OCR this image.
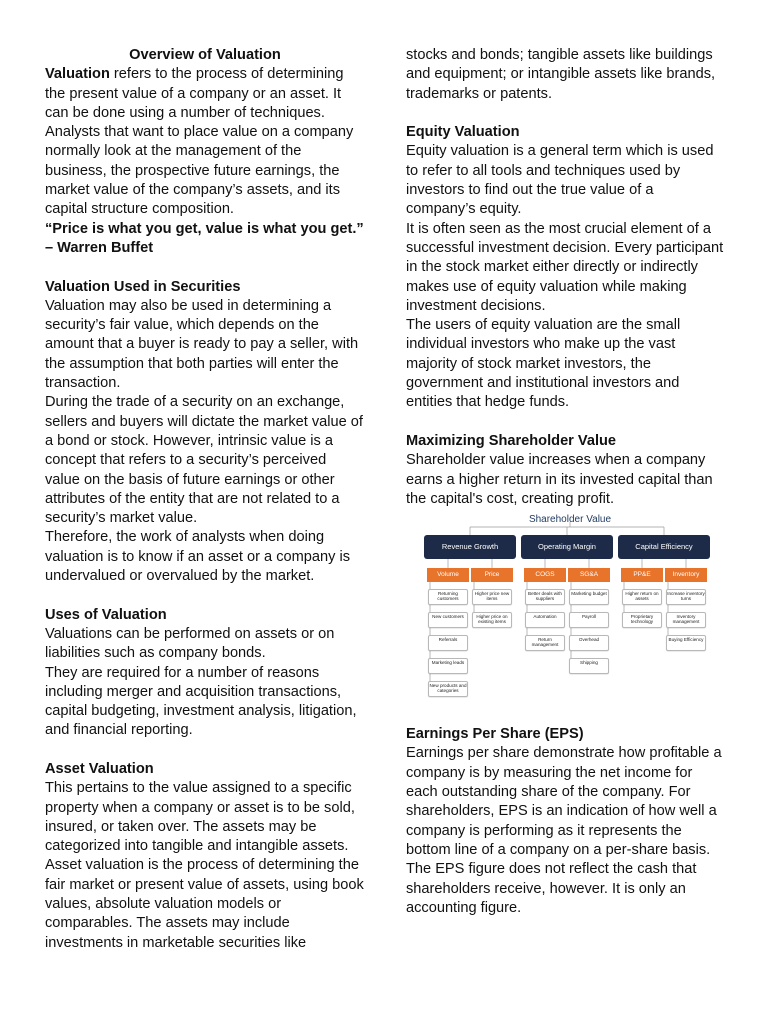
Overview of Valuation

Valuation refers to the process of determining the present value of a company or an asset. It can be done using a number of techniques. Analysts that want to place value on a company normally look at the management of the business, the prospective future earnings, the market value of the company’s assets, and its capital structure composition.

“Price is what you get, value is what you get.” – Warren Buffet

Valuation Used in Securities

Valuation may also be used in determining a security’s fair value, which depends on the amount that a buyer is ready to pay a seller, with the assumption that both parties will enter the transaction.

During the trade of a security on an exchange, sellers and buyers will dictate the market value of a bond or stock. However, intrinsic value is a concept that refers to a security’s perceived value on the basis of future earnings or other attributes of the entity that are not related to a security’s market value.

Therefore, the work of analysts when doing valuation is to know if an asset or a company is undervalued or overvalued by the market.

Uses of Valuation

Valuations can be performed on assets or on liabilities such as company bonds.

They are required for a number of reasons including merger and acquisition transactions, capital budgeting, investment analysis, litigation, and financial reporting.

Asset Valuation

This pertains to the value assigned to a specific property when a company or asset is to be sold, insured, or taken over. The assets may be categorized into tangible and intangible assets.

Asset valuation is the process of determining the fair market or present value of assets, using book values, absolute valuation models or comparables. The assets may include investments in marketable securities like

stocks and bonds; tangible assets like buildings and equipment; or intangible assets like brands, trademarks or patents.

Equity Valuation

Equity valuation is a general term which is used to refer to all tools and techniques used by investors to find out the true value of a company’s equity.

It is often seen as the most crucial element of a successful investment decision. Every participant in the stock market either directly or indirectly makes use of equity valuation while making investment decisions.

The users of equity valuation are the small individual investors who make up the vast majority of stock market investors, the government and institutional investors and entities that hedge funds.

Maximizing Shareholder Value

Shareholder value increases when a company earns a higher return in its invested capital than the capital's cost, creating profit.

Shareholder Value
Revenue Growth
Volume
Returning customers
New customers
Referrals
Marketing leads
New products and categories
Price
Higher price new items
Higher price on existing items
Operating Margin
COGS
Better deals with suppliers
Automation
Return management
SG&A
Marketing budget
Payroll
Overhead
Shipping
Capital Efficiency
PP&E
Higher return on assets
Proprietary technology
Inventory
Increase inventory turns
Inventory management
Buying Efficiency
Earnings Per Share (EPS)

Earnings per share demonstrate how profitable a company is by measuring the net income for each outstanding share of the company. For shareholders, EPS is an indication of how well a company is performing as it represents the bottom line of a company on a per-share basis. The EPS figure does not reflect the cash that shareholders receive, however. It is only an accounting figure.
